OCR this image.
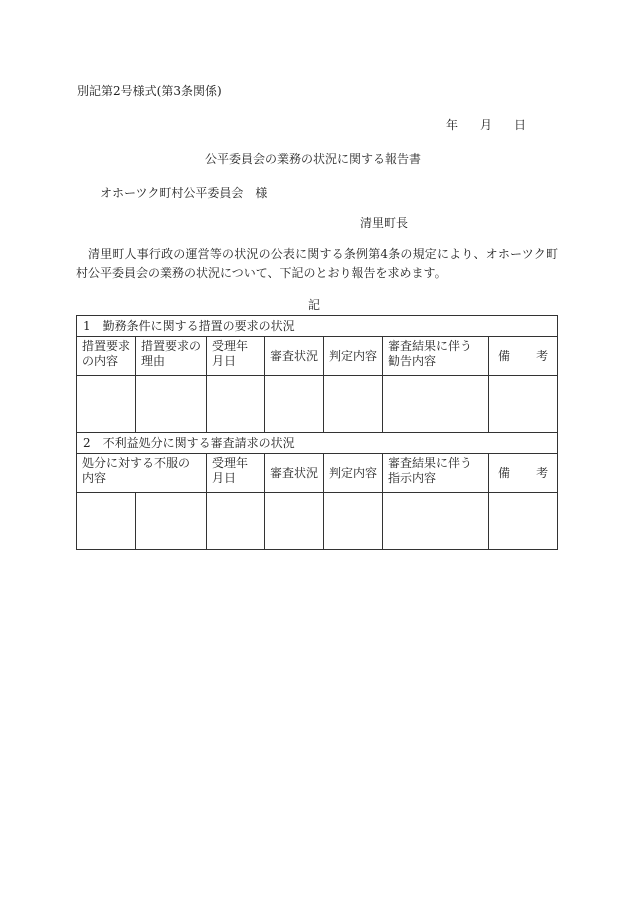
別記第2号様式(第3条関係)
年 月 日
公平委員会の業務の状況に関する報告書
オホーツク町村公平委員会　様
清里町長
清里町人事行政の運営等の状況の公表に関する条例第4条の規定により、オホーツク町村公平委員会の業務の状況について、下記のとおり報告を求めます。
記
1　勤務条件に関する措置の要求の状況						
措置要求の内容	措置要求の理由	受理年月日	審査状況	判定内容	審査結果に伴う勧告内容	備 考

2　不利益処分に関する審査請求の状況						
処分に対する不服の内容		受理年月日	審査状況	判定内容	審査結果に伴う指示内容	備 考
